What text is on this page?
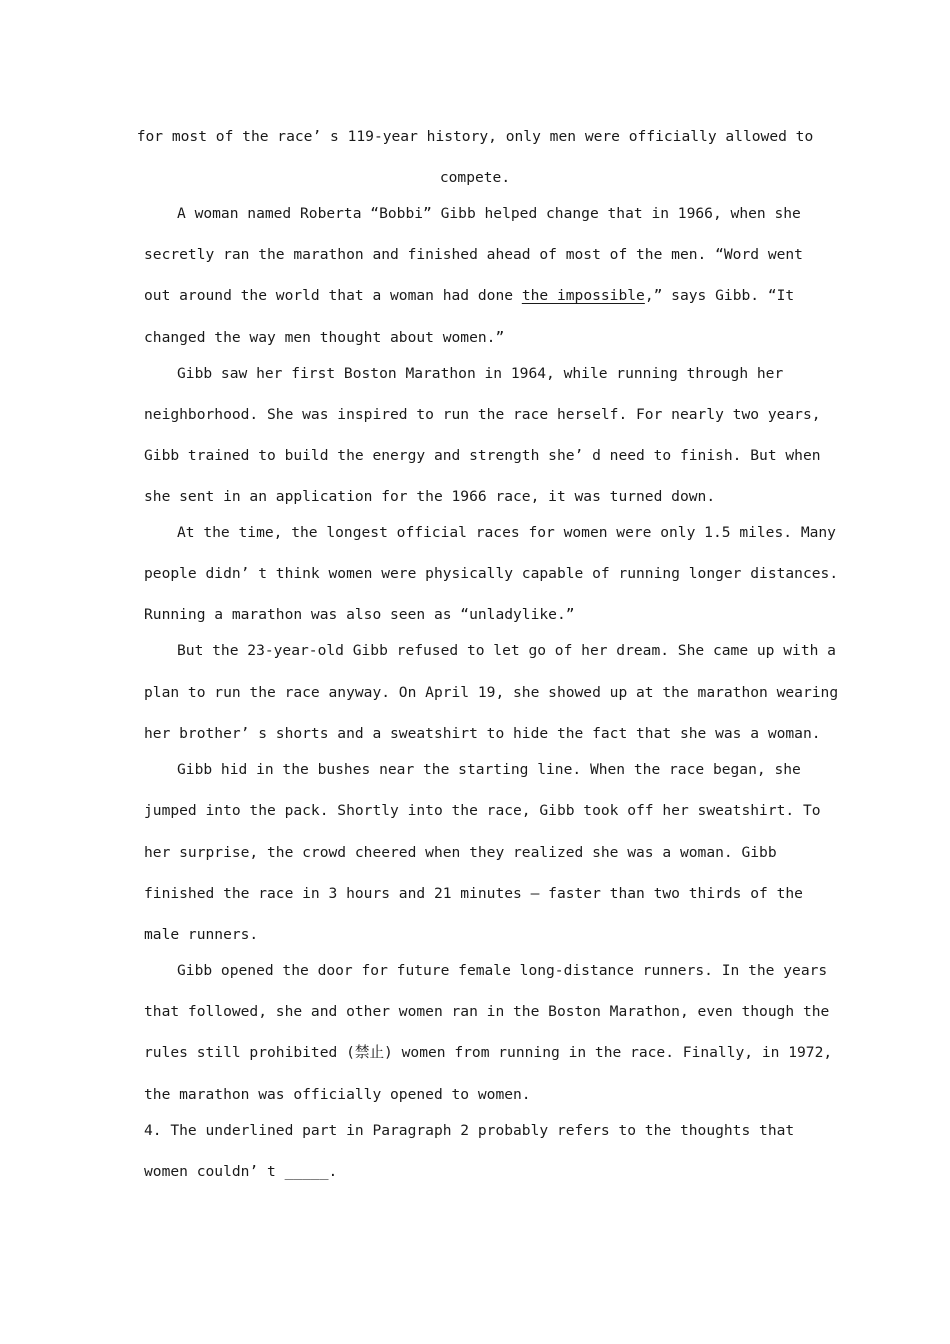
for most of the race’ s 119-year history, only men were officially allowed to
compete.
A woman named Roberta “Bobbi” Gibb helped change that in 1966, when she
secretly ran the marathon and finished ahead of most of the men. “Word went
out around the world that a woman had done the impossible,” says Gibb. “It
changed the way men thought about women.”
Gibb saw her first Boston Marathon in 1964, while running through her
neighborhood. She was inspired to run the race herself. For nearly two years,
Gibb trained to build the energy and strength she’ d need to finish. But when
she sent in an application for the 1966 race, it was turned down.
At the time, the longest official races for women were only 1.5 miles. Many
people didn’ t think women were physically capable of running longer distances.
Running a marathon was also seen as “unladylike.”
But the 23-year-old Gibb refused to let go of her dream. She came up with a
plan to run the race anyway. On April 19, she showed up at the marathon wearing
her brother’ s shorts and a sweatshirt to hide the fact that she was a woman.
Gibb hid in the bushes near the starting line. When the race began, she
jumped into the pack. Shortly into the race, Gibb took off her sweatshirt. To
her surprise, the crowd cheered when they realized she was a woman. Gibb
finished the race in 3 hours and 21 minutes — faster than two thirds of the
male runners.
Gibb opened the door for future female long-distance runners. In the years
that followed, she and other women ran in the Boston Marathon, even though the
rules still prohibited (禁止) women from running in the race. Finally, in 1972,
the marathon was officially opened to women.
4. The underlined part in Paragraph 2 probably refers to the thoughts that
women couldn’ t _____.
